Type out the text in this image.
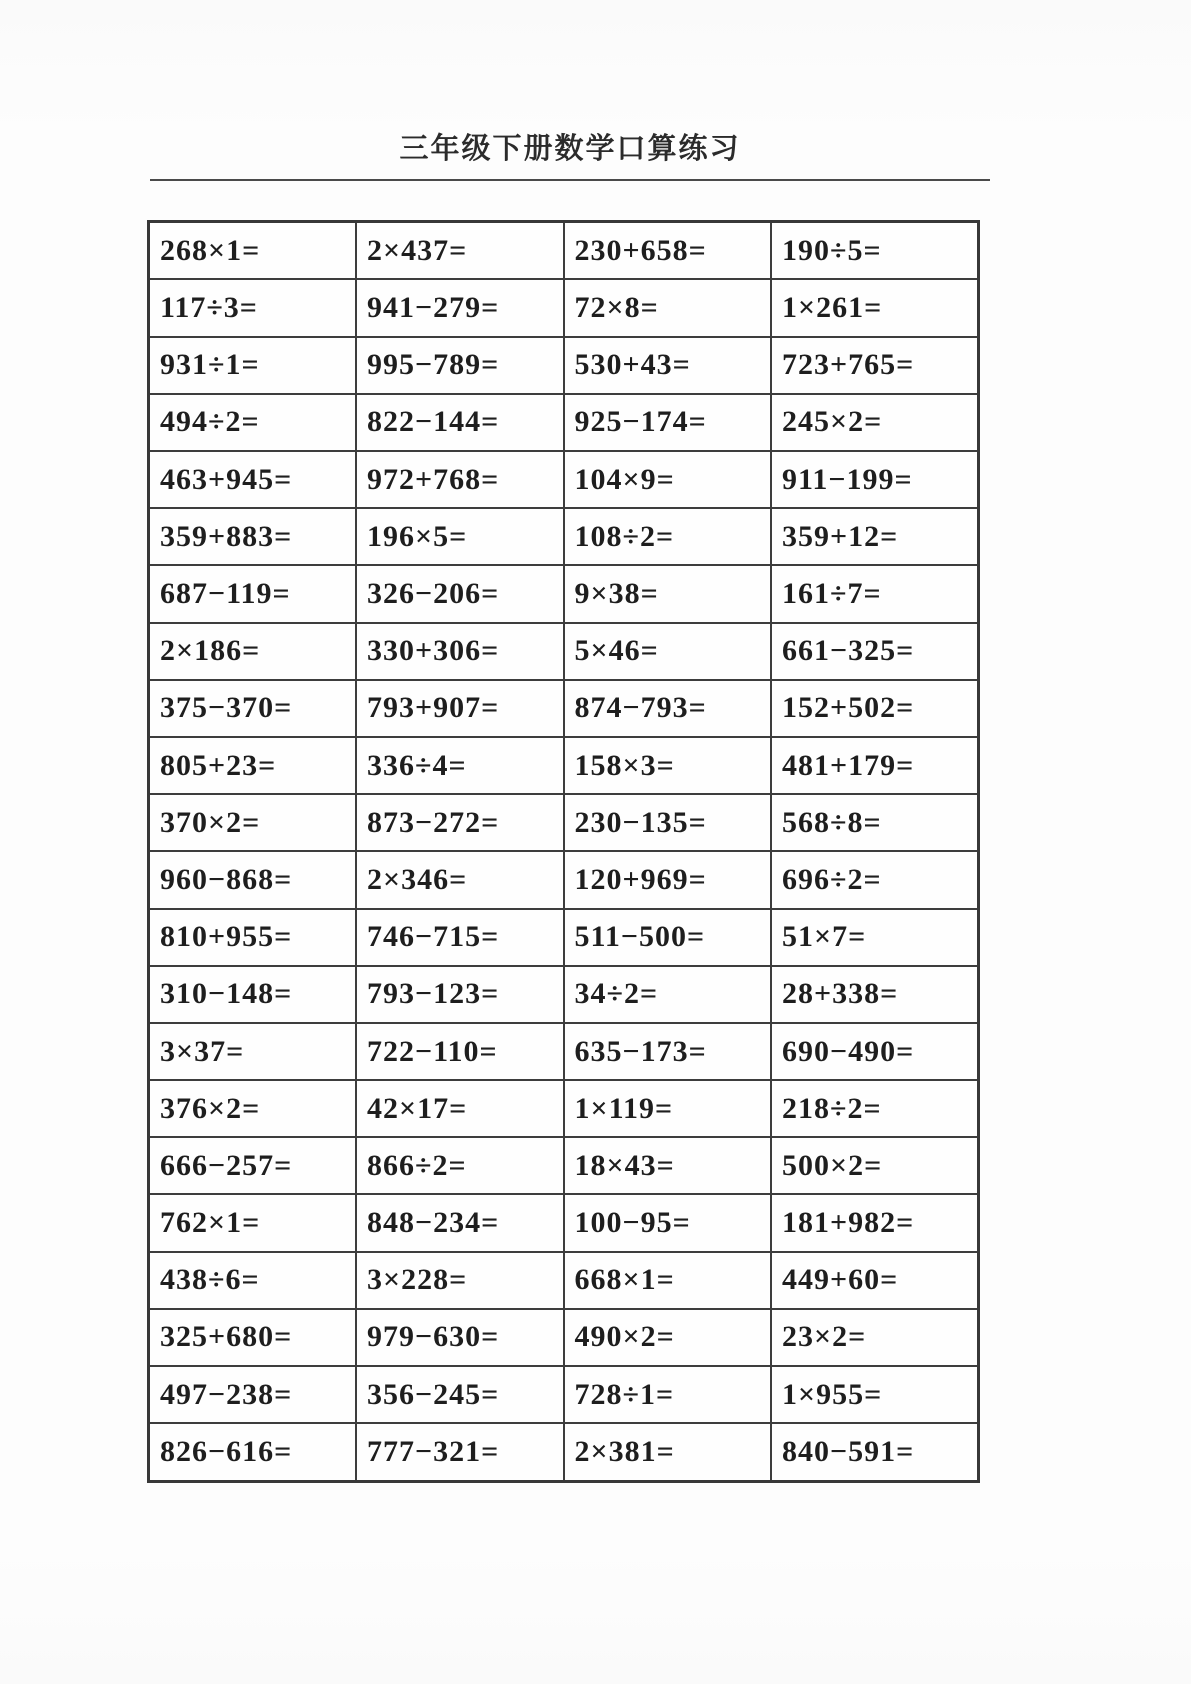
三年级下册数学口算练习
268×1=	2×437=	230+658=	190÷5=
117÷3=	941−279=	72×8=	1×261=
931÷1=	995−789=	530+43=	723+765=
494÷2=	822−144=	925−174=	245×2=
463+945=	972+768=	104×9=	911−199=
359+883=	196×5=	108÷2=	359+12=
687−119=	326−206=	9×38=	161÷7=
2×186=	330+306=	5×46=	661−325=
375−370=	793+907=	874−793=	152+502=
805+23=	336÷4=	158×3=	481+179=
370×2=	873−272=	230−135=	568÷8=
960−868=	2×346=	120+969=	696÷2=
810+955=	746−715=	511−500=	51×7=
310−148=	793−123=	34÷2=	28+338=
3×37=	722−110=	635−173=	690−490=
376×2=	42×17=	1×119=	218÷2=
666−257=	866÷2=	18×43=	500×2=
762×1=	848−234=	100−95=	181+982=
438÷6=	3×228=	668×1=	449+60=
325+680=	979−630=	490×2=	23×2=
497−238=	356−245=	728÷1=	1×955=
826−616=	777−321=	2×381=	840−591=
